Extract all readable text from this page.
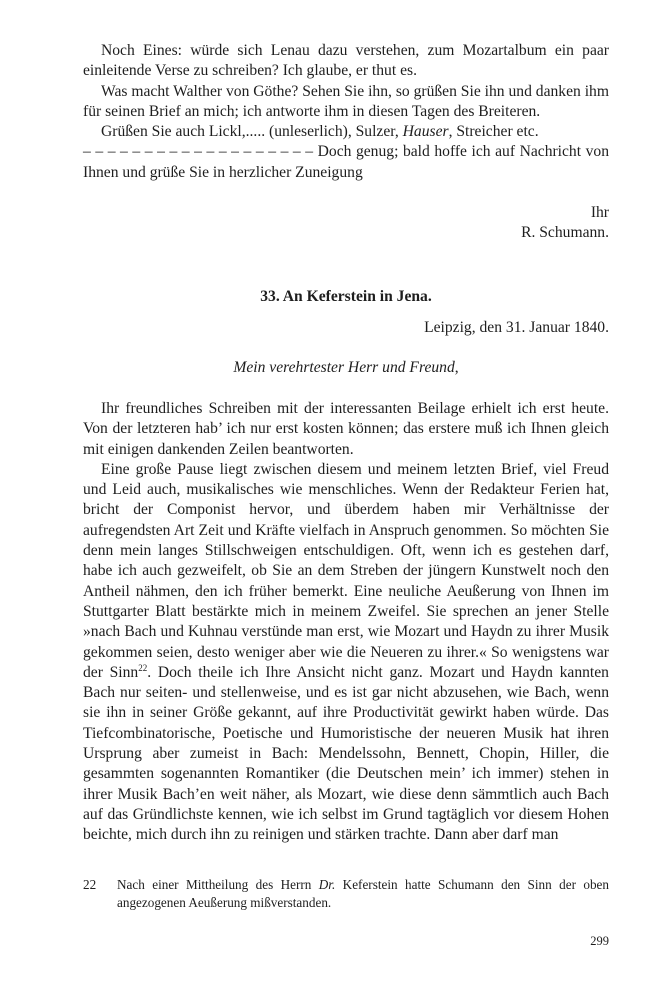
Noch Eines: würde sich Lenau dazu verstehen, zum Mozartalbum ein paar einleitende Verse zu schreiben? Ich glaube, er thut es.

Was macht Walther von Göthe? Sehen Sie ihn, so grüßen Sie ihn und danken ihm für seinen Brief an mich; ich antworte ihm in diesen Tagen des Breiteren.

Grüßen Sie auch Lickl,..... (unleserlich), Sulzer, Hauser, Streicher etc.

– – – – – – – – – – – – – – – – – – – Doch genug; bald hoffe ich auf Nachricht von Ihnen und grüße Sie in herzlicher Zuneigung

Ihr

R. Schumann.

33. An Keferstein in Jena.
Leipzig, den 31. Januar 1840.
Mein verehrtester Herr und Freund,

Ihr freundliches Schreiben mit der interessanten Beilage erhielt ich erst heute. Von der letzteren hab’ ich nur erst kosten können; das erstere muß ich Ihnen gleich mit einigen dankenden Zeilen beantworten.

Eine große Pause liegt zwischen diesem und meinem letzten Brief, viel Freud und Leid auch, musikalisches wie menschliches. Wenn der Redakteur Ferien hat, bricht der Componist hervor, und überdem haben mir Verhältnisse der aufregendsten Art Zeit und Kräfte vielfach in Anspruch genommen. So möchten Sie denn mein langes Stillschweigen entschuldigen. Oft, wenn ich es gestehen darf, habe ich auch gezweifelt, ob Sie an dem Streben der jüngern Kunstwelt noch den Antheil nähmen, den ich früher bemerkt. Eine neuliche Aeußerung von Ihnen im Stuttgarter Blatt bestärkte mich in meinem Zweifel. Sie sprechen an jener Stelle »nach Bach und Kuhnau verstünde man erst, wie Mozart und Haydn zu ihrer Musik gekommen seien, desto weniger aber wie die Neueren zu ihrer.« So wenigstens war der Sinn$^{22}$. Doch theile ich Ihre Ansicht nicht ganz. Mozart und Haydn kannten Bach nur seiten- und stellenweise, und es ist gar nicht abzusehen, wie Bach, wenn sie ihn in seiner Größe gekannt, auf ihre Productivität gewirkt haben würde. Das Tiefcombinatorische, Poetische und Humoristische der neueren Musik hat ihren Ursprung aber zumeist in Bach: Mendelssohn, Bennett, Chopin, Hiller, die gesammten sogenannten Romantiker (die Deutschen mein’ ich immer) stehen in ihrer Musik Bach’en weit näher, als Mozart, wie diese denn sämmtlich auch Bach auf das Gründlichste kennen, wie ich selbst im Grund tagtäglich vor diesem Hohen beichte, mich durch ihn zu reinigen und stärken trachte. Dann aber darf man

22 Nach einer Mittheilung des Herrn Dr. Keferstein hatte Schumann den Sinn der oben angezogenen Aeußerung mißverstanden.
299
